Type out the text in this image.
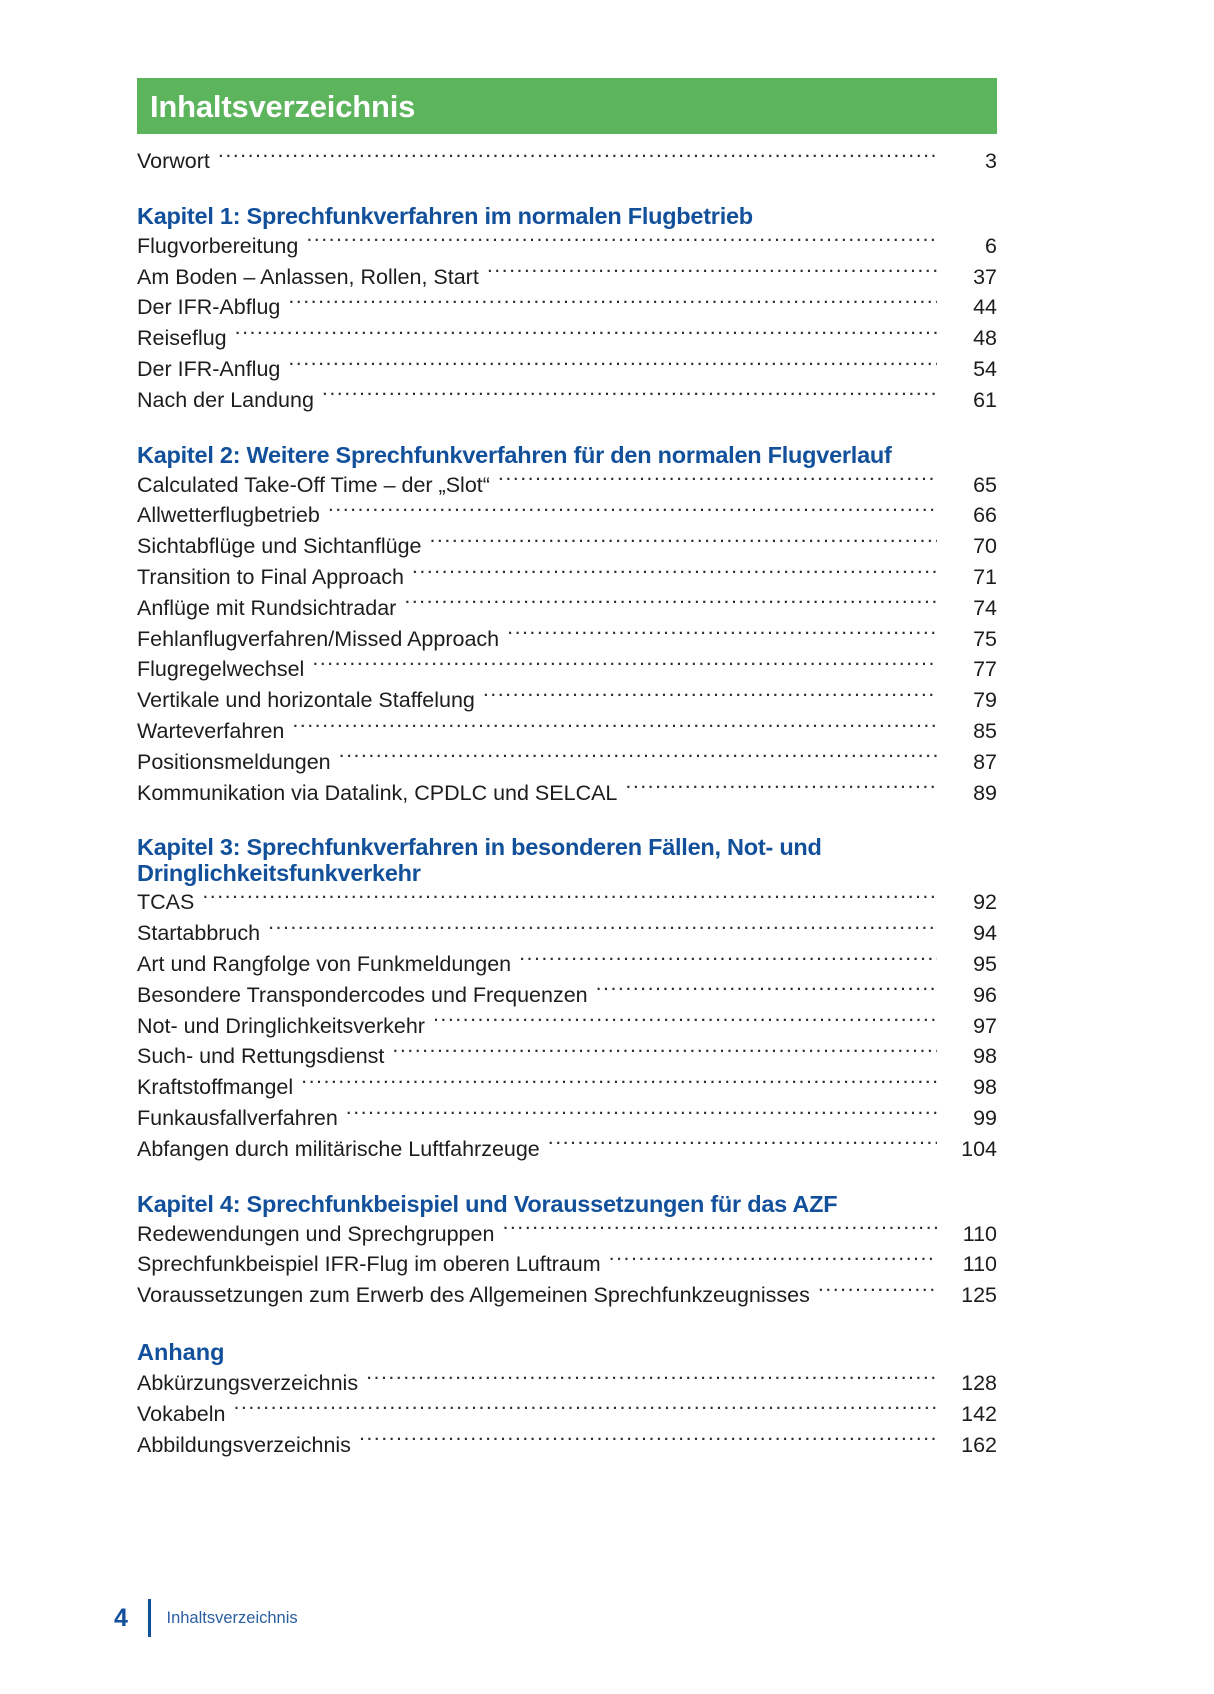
Inhaltsverzeichnis
Vorwort .....	3
Kapitel 1: Sprechfunkverfahren im normalen Flugbetrieb
Flugvorbereitung .....	6
Am Boden – Anlassen, Rollen, Start .....	37
Der IFR-Abflug .....	44
Reiseflug .....	48
Der IFR-Anflug .....	54
Nach der Landung .....	61
Kapitel 2: Weitere Sprechfunkverfahren für den normalen Flugverlauf
Calculated Take-Off Time – der „Slot“ .....	65
Allwetterflugbetrieb .....	66
Sichtabflüge und Sichtanflüge .....	70
Transition to Final Approach .....	71
Anflüge mit Rundsichtradar .....	74
Fehlanflugverfahren/Missed Approach .....	75
Flugregelwechsel .....	77
Vertikale und horizontale Staffelung .....	79
Warteverfahren .....	85
Positionsmeldungen .....	87
Kommunikation via Datalink, CPDLC und SELCAL .....	89
Kapitel 3: Sprechfunkverfahren in besonderen Fällen, Not- und Dringlichkeitsfunkverkehr
TCAS .....	92
Startabbruch .....	94
Art und Rangfolge von Funkmeldungen .....	95
Besondere Transpondercodes und Frequenzen .....	96
Not- und Dringlichkeitsverkehr .....	97
Such- und Rettungsdienst .....	98
Kraftstoffmangel .....	98
Funkausfallverfahren .....	99
Abfangen durch militärische Luftfahrzeuge .....	104
Kapitel 4: Sprechfunkbeispiel und Voraussetzungen für das AZF
Redewendungen und Sprechgruppen .....	110
Sprechfunkbeispiel IFR-Flug im oberen Luftraum .....	110
Voraussetzungen zum Erwerb des Allgemeinen Sprechfunkzeugnisses .....	125
Anhang
Abkürzungsverzeichnis .....	128
Vokabeln .....	142
Abbildungsverzeichnis .....	162
4	Inhaltsverzeichnis
